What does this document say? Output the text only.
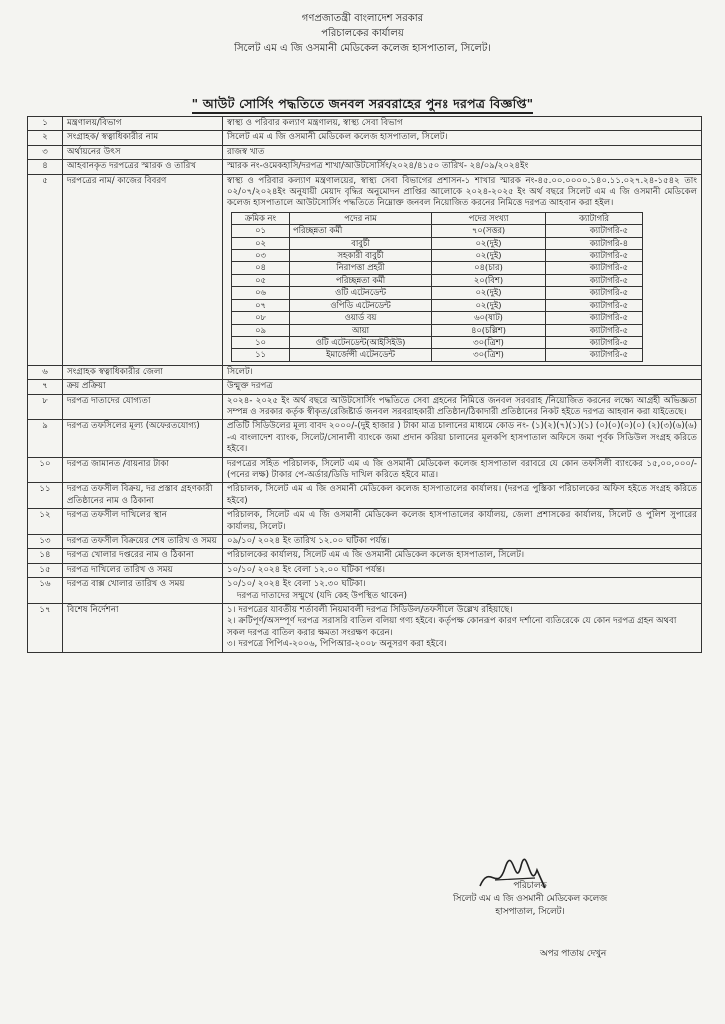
গণপ্রজাতন্ত্রী বাংলাদেশ সরকার
পরিচালকের কার্যালয়
সিলেট এম এ জি ওসমানী মেডিকেল কলেজ হাসপাতাল, সিলেট।
" আউট সোর্সিং পদ্ধতিতে জনবল সরবরাহের পুনঃ দরপত্র বিজ্ঞপ্তি"
১	মন্ত্রণালয়/বিভাগ	স্বাস্থ্য ও পরিবার কল্যাণ মন্ত্রণালয়, স্বাস্থ্য সেবা বিভাগ
২	সংগ্রাহক/ স্বত্বাধিকারীর নাম	সিলেট এম এ জি ওসমানী মেডিকেল কলেজ হাসপাতাল, সিলেট।
৩	অর্থায়নের উৎস	রাজস্ব খাত
৪	আহবানকৃত দরপত্রের স্মারক ও তারিখ	স্মারক নং-ওমেকহাসি/দরপত্র শাখা/আউটসোর্সিং/২০২৪/৪১৫০ তারিখ- ২৪/০৯/২০২৪ইং
৫	দরপত্রের নাম/ কাজের বিবরণ	স্বাস্থ্য ও পরিবার কল্যাণ মন্ত্রণালয়ের, স্বাস্থ্য সেবা বিভাগের প্রশাসন-১ শাখার স্মারক নং-৪৫.০০.০০০০.১৪০.১১.০২৭.২৪-১৫৪২ তাং ০২/০৭/২০২৪ইং অনুযায়ী মেয়াদ বৃদ্ধির অনুমোদন প্রাপ্তির আলোকে ২০২৪-২০২৫ ইং অর্থ বছরে সিলেট এম এ জি ওসমানী মেডিকেল কলেজ হাসপাতালে আউটসোর্সিং পদ্ধতিতে নিম্নোক্ত জনবল নিয়োজিত করনের নিমিত্তে দরপত্র আহবান করা হইল।
ক্রমিক নং	পদের নাম	পদের সংখ্যা	ক্যাটাগরি
০১	পরিচ্ছন্নতা কর্মী	৭০(সত্তর)	ক্যাটাগরি-৫
০২	বাবুর্চী	০২(দুই)	ক্যাটাগরি-৪
০৩	সহকারী বাবুর্চী	০২(দুই)	ক্যাটাগরি-৫
০৪	নিরাপত্তা প্রহরী	০৪(চার)	ক্যাটাগরি-৫
০৫	পরিচ্ছন্নতা কর্মী	২০(বিশ)	ক্যাটাগরি-৫
০৬	ওটি এটেনডেন্ট	০২(দুই)	ক্যাটাগরি-৫
০৭	ওপিডি এটেনডেন্ট	০২(দুই)	ক্যাটাগরি-৫
০৮	ওয়ার্ড বয়	৬০(ষাট)	ক্যাটাগরি-৫
০৯	আয়া	৪০(চল্লিশ)	ক্যাটাগরি-৫
১০	ওটি এটেনডেন্ট(আইসিইউ)	৩০(ত্রিশ)	ক্যাটাগরি-৫
১১	ইমার্জেন্সী এটেনডেন্ট	৩০(ত্রিশ)	ক্যাটাগরি-৫

৬	সংগ্রাহক স্বত্বাধিকারীর জেলা	সিলেট।
৭	ক্রয় প্রক্রিয়া	উন্মুক্ত দরপত্র
৮	দরপত্র দাতাদের যোগ্যতা	২০২৪- ২০২৫ ইং অর্থ বছরে আউটসোর্সিং পদ্ধতিতে সেবা গ্রহনের নিমিত্তে জনবল সরবরাহ /নিয়োজিত করনের লক্ষ্যে আগ্রহী অভিজ্ঞতা সম্পন্ন ও সরকার কর্তৃক স্বীকৃত/রেজিষ্টার্ড জনবল সরবরাহকারী প্রতিষ্ঠান/ঠিকাদারী প্রতিষ্ঠানের নিকট হইতে দরপত্র আহবান করা যাইতেছে।
৯	দরপত্র তফসিলের মূল্য (অফেরতযোগ্য)	প্রতিটি সিডিউলের মূল্য বাবদ ২০০০/-(দুই হাজার ) টাকা মাত্র চালানের মাধ্যমে কোড নং- (১)(২)(৭)(১)(১) (০)(০)(০)(০) (২)(৩)(৬)(৬) -এ বাংলাদেশ ব্যাংক, সিলেট/সোনালী ব্যাংকে জমা প্রদান করিয়া চালানের মূলকপি হাসপাতাল অফিসে জমা পূর্বক সিডিউল সংগ্রহ করিতে হইবে।
১০	দরপত্র জামানত /বায়নার টাকা	দরপত্রের সহিত পরিচালক, সিলেট এম এ জি ওসমানী মেডিকেল কলেজ হাসপাতাল বরাবরে যে কোন তফসিলী ব্যাংকের ১৫,০০,০০০/-(পনের লক্ষ) টাকার পে-অর্ডার/ডিডি দাখিল করিতে হইবে মাত্র।
১১	দরপত্র তফসীল বিক্রয়, দর প্রস্তাব গ্রহণকারী প্রতিষ্ঠানের নাম ও ঠিকানা	পরিচালক, সিলেট এম এ জি ওসমানী মেডিকেল কলেজ হাসপাতালের কার্যালয়। (দরপত্র পুস্তিকা পরিচালকের অফিস হইতে সংগ্রহ করিতে হইবে)
১২	দরপত্র তফসীল দাখিলের স্থান	পরিচালক, সিলেট এম এ জি ওসমানী মেডিকেল কলেজ হাসপাতালের কার্যালয়, জেলা প্রশাসকের কার্যালয়, সিলেট ও পুলিশ সুপারের কার্যালয়, সিলেট।
১৩	দরপত্র তফসীল বিক্রয়ের শেষ তারিখ ও সময়	০৯/১০/ ২০২৪ ইং তারিখ ১২.০০ ঘটিকা পর্যন্ত।
১৪	দরপত্র খোলার দপ্তরের নাম ও ঠিকানা	পরিচালকের কার্যালয়, সিলেট এম এ জি ওসমানী মেডিকেল কলেজ হাসপাতাল, সিলেট।
১৫	দরপত্র দাখিলের তারিখ ও সময়	১০/১০/ ২০২৪ ইং বেলা ১২.০০ ঘটিকা পর্যন্ত।
১৬	দরপত্র বাক্স খোলার তারিখ ও সময়	১০/১০/ ২০২৪ ইং বেলা ১২.৩০ ঘটিকা।
দরপত্র দাতাদের সম্মুখে (যদি কেহ উপস্থিত থাকেন)

১৭	বিশেষ নির্দেশনা	১। দরপত্রের যাবতীয় শর্তাবলী নিয়মাবলী দরপত্র সিডিউল/তফসীলে উল্লেখ রহিয়াছে।
২। ক্রটিপূর্ণ/অসম্পূর্ণ দরপত্র সরাসরি বাতিল বলিয়া গণ্য হইবে। কর্তৃপক্ষ কোনরূপ কারণ দর্শানো ব্যতিরেকে যে কোন দরপত্র গ্রহন অথবা সকল দরপত্র বাতিল করার ক্ষমতা সংরক্ষণ করেন।
৩। দরপত্রে পিপিএ-২০০৬, পিপিআর-২০০৮ অনুসরণ করা হইবে।
পরিচালক
সিলেট এম এ জি ওসমানী মেডিকেল কলেজ
হাসপাতাল, সিলেট।
অপর পাতায় দেখুন
